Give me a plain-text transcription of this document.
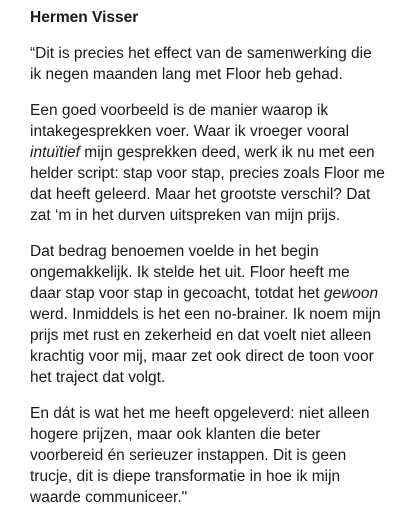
Hermen Visser
“Dit is precies het effect van de samenwerking die
ik negen maanden lang met Floor heb gehad.
Een goed voorbeeld is de manier waarop ik
intakegesprekken voer. Waar ik vroeger vooral
intuïtief mijn gesprekken deed, werk ik nu met een
helder script: stap voor stap, precies zoals Floor me
dat heeft geleerd. Maar het grootste verschil? Dat
zat ‘m in het durven uitspreken van mijn prijs.
Dat bedrag benoemen voelde in het begin
ongemakkelijk. Ik stelde het uit. Floor heeft me
daar stap voor stap in gecoacht, totdat het gewoon
werd. Inmiddels is het een no-brainer. Ik noem mijn
prijs met rust en zekerheid en dat voelt niet alleen
krachtig voor mij, maar zet ook direct de toon voor
het traject dat volgt.
En dát is wat het me heeft opgeleverd: niet alleen
hogere prijzen, maar ook klanten die beter
voorbereid én serieuzer instappen. Dit is geen
trucje, dit is diepe transformatie in hoe ik mijn
waarde communiceer."
